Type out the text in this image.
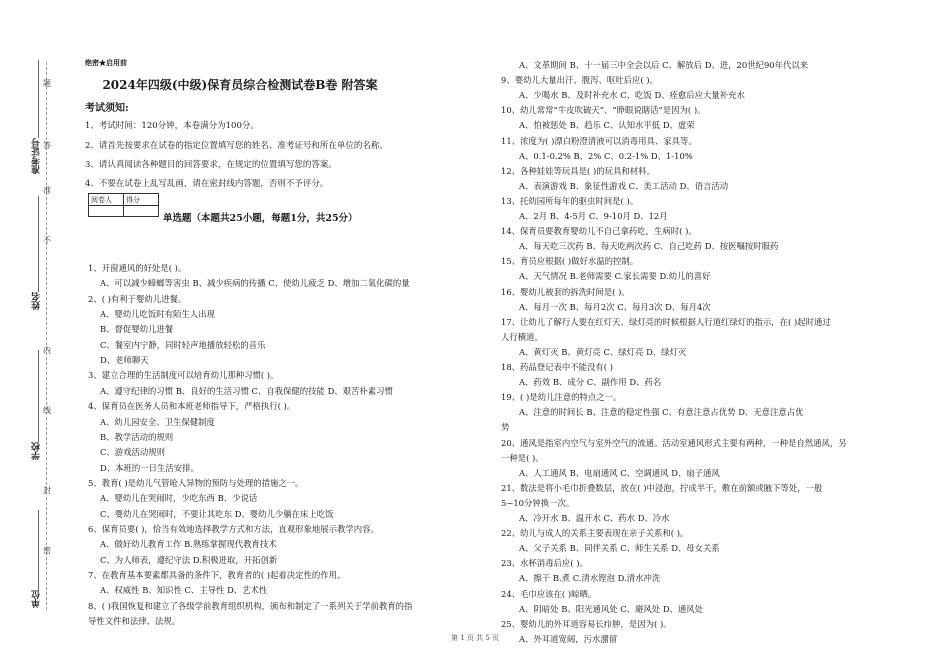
题
答
准
不
内
线
封
密
准考证号
姓名
学校
单位
绝密★启用前
2024年四级(中级)保育员综合检测试卷B卷 附答案
考试须知:
1、考试时间：120分钟，本卷满分为100分。
2、请首先按要求在试卷的指定位置填写您的姓名、准考证号和所在单位的名称。
3、请认真阅读各种题目的回答要求，在规定的位置填写您的答案。
4、不要在试卷上乱写乱画，请在密封线内答题，否则不予评分。
阅卷人	得分

单选题（本题共25小题，每题1分，共25分）
1、开窗通风的好处是( )。
A、可以减少蟑螂等害虫 B、减少疾病的传播 C、使幼儿疲乏 D、增加二氧化碳的量
2、( )有利于婴幼儿进餐。
A、婴幼儿吃饭时有陌生人出现
B、督促婴幼儿进餐
C、餐室内宁静，同时轻声地播放轻松的音乐
D、老师聊天
3、建立合理的生活制度可以培育幼儿那种习惯( )。
A、遵守纪律的习惯 B、良好的生活习惯 C、自我保健的技能 D、艰苦朴素习惯
4、保育员在医务人员和本班老师指导下，严格执行( )。
A、幼儿园安全、卫生保健制度
B、教学活动的规则
C、游戏活动规则
D、本班的一日生活安排。
5、教育( )是幼儿气管呛人异物的预防与处理的措施之一。
A、婴幼儿在哭闹时，少吃东西 B、少说话
C、婴幼儿在哭闹时，不要让其吃东 D、婴幼儿少躺在床上吃饭
6、保育员要( )，恰当有效地选择教学方式和方法，直观形象地展示教学内容。
A、做好幼儿教育工作 B.熟练掌握现代教育技术
C、为人师表，遵纪守法 D.积极进取，开拓创新
7、在教育基本要素都具备的条件下，教育者的( )起着决定性的作用。
A、权威性 B、知识性 C、主导性 D、艺术性
8、( )我国恢复和建立了各级学前教育组织机构，颁布和制定了一系列关于学前教育的指
导性文件和法律、法规。
A、文革期间 B、十一届三中全会以后 C、解放后 D、进，20世纪90年代以来
9、婴幼儿大量出汗、腹泻、呕吐后应( )。
A、少喝水 B、及时补充水 C、吃饭 D、痊愈后应大量补充水
10、幼儿常常“牛皮吹破天”、“睁眼说瞎话”是因为( )。
A、怕被惩处 B、趋乐 C、认知水平低 D、虚荣
11、浓度为( )漂白粉澄清液可以消毒用具、家具等。
A、0.1-0.2% B、2% C、0.2-1% D、1-10%
12、各种娃娃等玩具是( )的玩具和材料。
A、表演游戏 B、象征性游戏 C、美工活动 D、语言活动
13、托幼园所每年的驱虫时间是( )。
A、2月 B、4-5月 C、9-10月 D、12月
14、保育员要教育婴幼儿不自己拿药吃，生病时( )。
A、每天吃三次药 B、每天吃两次药 C、自己吃药 D、按医嘱按时服药
15、育员应根据( )做好水温的控制。
A、天气情况 B.老师需要 C.家长需要 D.幼儿的喜好
16、婴幼儿被套的拆洗时间是( )。
A、每月一次 B、每月2次 C、每月3次 D、每月4次
17、让幼儿了解行人要在红灯天、绿灯亮的时候根据人行道红绿灯的指示，在( )起时通过
人行横道。
A、黄灯灭 B、黄灯亮 C、绿灯亮 D、绿灯灭
18、药品登记表中不能没有( )
A、药效 B、成分 C、副作用 D、药名
19、( )是幼儿注意的特点之一。
A、注意的时间长 B、注意的稳定性强 C、有意注意占优势 D、无意注意占优
势
20、通风是指室内空气与室外空气的流通。活动室通风形式主要有两种，一种是自然通风，另
一种是( )。
A、人工通风 B、电扇通风 C、空调通风 D、扇子通风
21、数法是将小毛巾折叠数层，放在( )中浸泡，拧成半干，敷在前额或腋下等处，一般
5~10分钟换一次。
A、冷开水 B、温开水 C、药水 D、冷水
22、幼儿与成人的关系主要表现在亲子关系和( )。
A、父子关系 B、同伴关系 C、师生关系 D、母女关系
23、水杯消毒后应( )。
A、擦干 B.煮 C.清水铿泡 D.清水冲洗
24、毛巾应该在( )晾晒。
A、阴暗处 B、阳光通风处 C、避风处 D、通风处
25、婴幼儿的外耳道容易长疖肿，是因为( )。
A、外耳道宽阔，污水潴留
第 1 页 共 5 页
